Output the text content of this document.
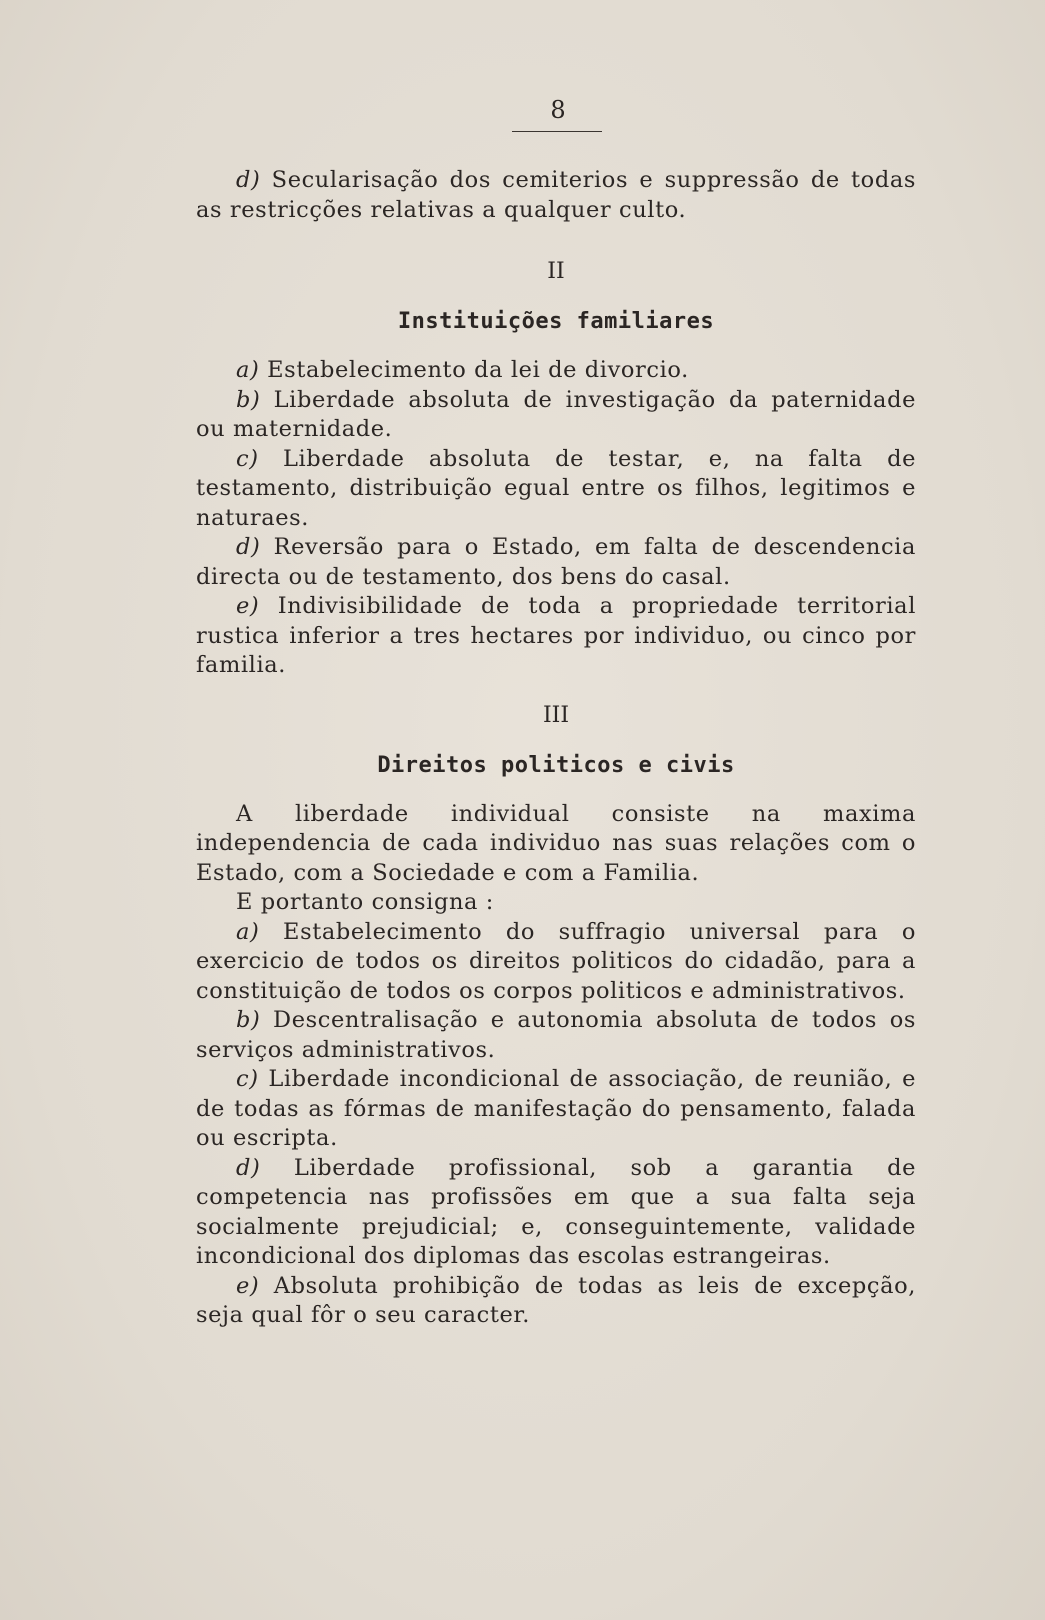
8

d) Secularisação dos cemiterios e suppressão de todas as restricções relativas a qualquer culto.

II
Instituições familiares

a) Estabelecimento da lei de divorcio.

b) Liberdade absoluta de investigação da paternidade ou maternidade.

c) Liberdade absoluta de testar, e, na falta de testamento, distribuição egual entre os filhos, legitimos e naturaes.

d) Reversão para o Estado, em falta de descendencia directa ou de testamento, dos bens do casal.

e) Indivisibilidade de toda a propriedade territorial rustica inferior a tres hectares por individuo, ou cinco por familia.

III
Direitos politicos e civis

A liberdade individual consiste na maxima independencia de cada individuo nas suas relações com o Estado, com a Sociedade e com a Familia.

E portanto consigna :

a) Estabelecimento do suffragio universal para o exercicio de todos os direitos politicos do cidadão, para a constituição de todos os corpos politicos e administrativos.

b) Descentralisação e autonomia absoluta de todos os serviços administrativos.

c) Liberdade incondicional de associação, de reunião, e de todas as fórmas de manifestação do pensamento, falada ou escripta.

d) Liberdade profissional, sob a garantia de competencia nas profissões em que a sua falta seja socialmente prejudicial; e, conseguintemente, validade incondicional dos diplomas das escolas estrangeiras.

e) Absoluta prohibição de todas as leis de excepção, seja qual fôr o seu caracter.
